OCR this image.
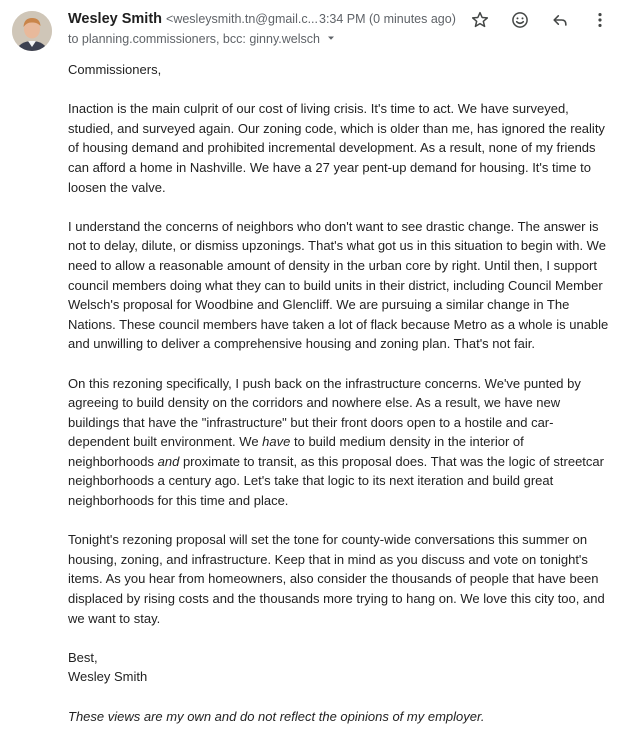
Wesley Smith <wesleysmith.tn@gmail.c... 3:34 PM (0 minutes ago)
to planning.commissioners, bcc: ginny.welsch

Commissioners,

Inaction is the main culprit of our cost of living crisis. It's time to act. We have surveyed, studied, and surveyed again. Our zoning code, which is older than me, has ignored the reality of housing demand and prohibited incremental development. As a result, none of my friends can afford a home in Nashville. We have a 27 year pent-up demand for housing. It's time to loosen the valve.

I understand the concerns of neighbors who don't want to see drastic change. The answer is not to delay, dilute, or dismiss upzonings. That's what got us in this situation to begin with. We need to allow a reasonable amount of density in the urban core by right. Until then, I support council members doing what they can to build units in their district, including Council Member Welsch's proposal for Woodbine and Glencliff. We are pursuing a similar change in The Nations. These council members have taken a lot of flack because Metro as a whole is unable and unwilling to deliver a comprehensive housing and zoning plan. That's not fair.

On this rezoning specifically, I push back on the infrastructure concerns. We've punted by agreeing to build density on the corridors and nowhere else. As a result, we have new buildings that have the "infrastructure" but their front doors open to a hostile and car-dependent built environment. We have to build medium density in the interior of neighborhoods and proximate to transit, as this proposal does. That was the logic of streetcar neighborhoods a century ago. Let's take that logic to its next iteration and build great neighborhoods for this time and place.

Tonight's rezoning proposal will set the tone for county-wide conversations this summer on housing, zoning, and infrastructure. Keep that in mind as you discuss and vote on tonight's items. As you hear from homeowners, also consider the thousands of people that have been displaced by rising costs and the thousands more trying to hang on. We love this city too, and we want to stay.

Best,
Wesley Smith

These views are my own and do not reflect the opinions of my employer.
